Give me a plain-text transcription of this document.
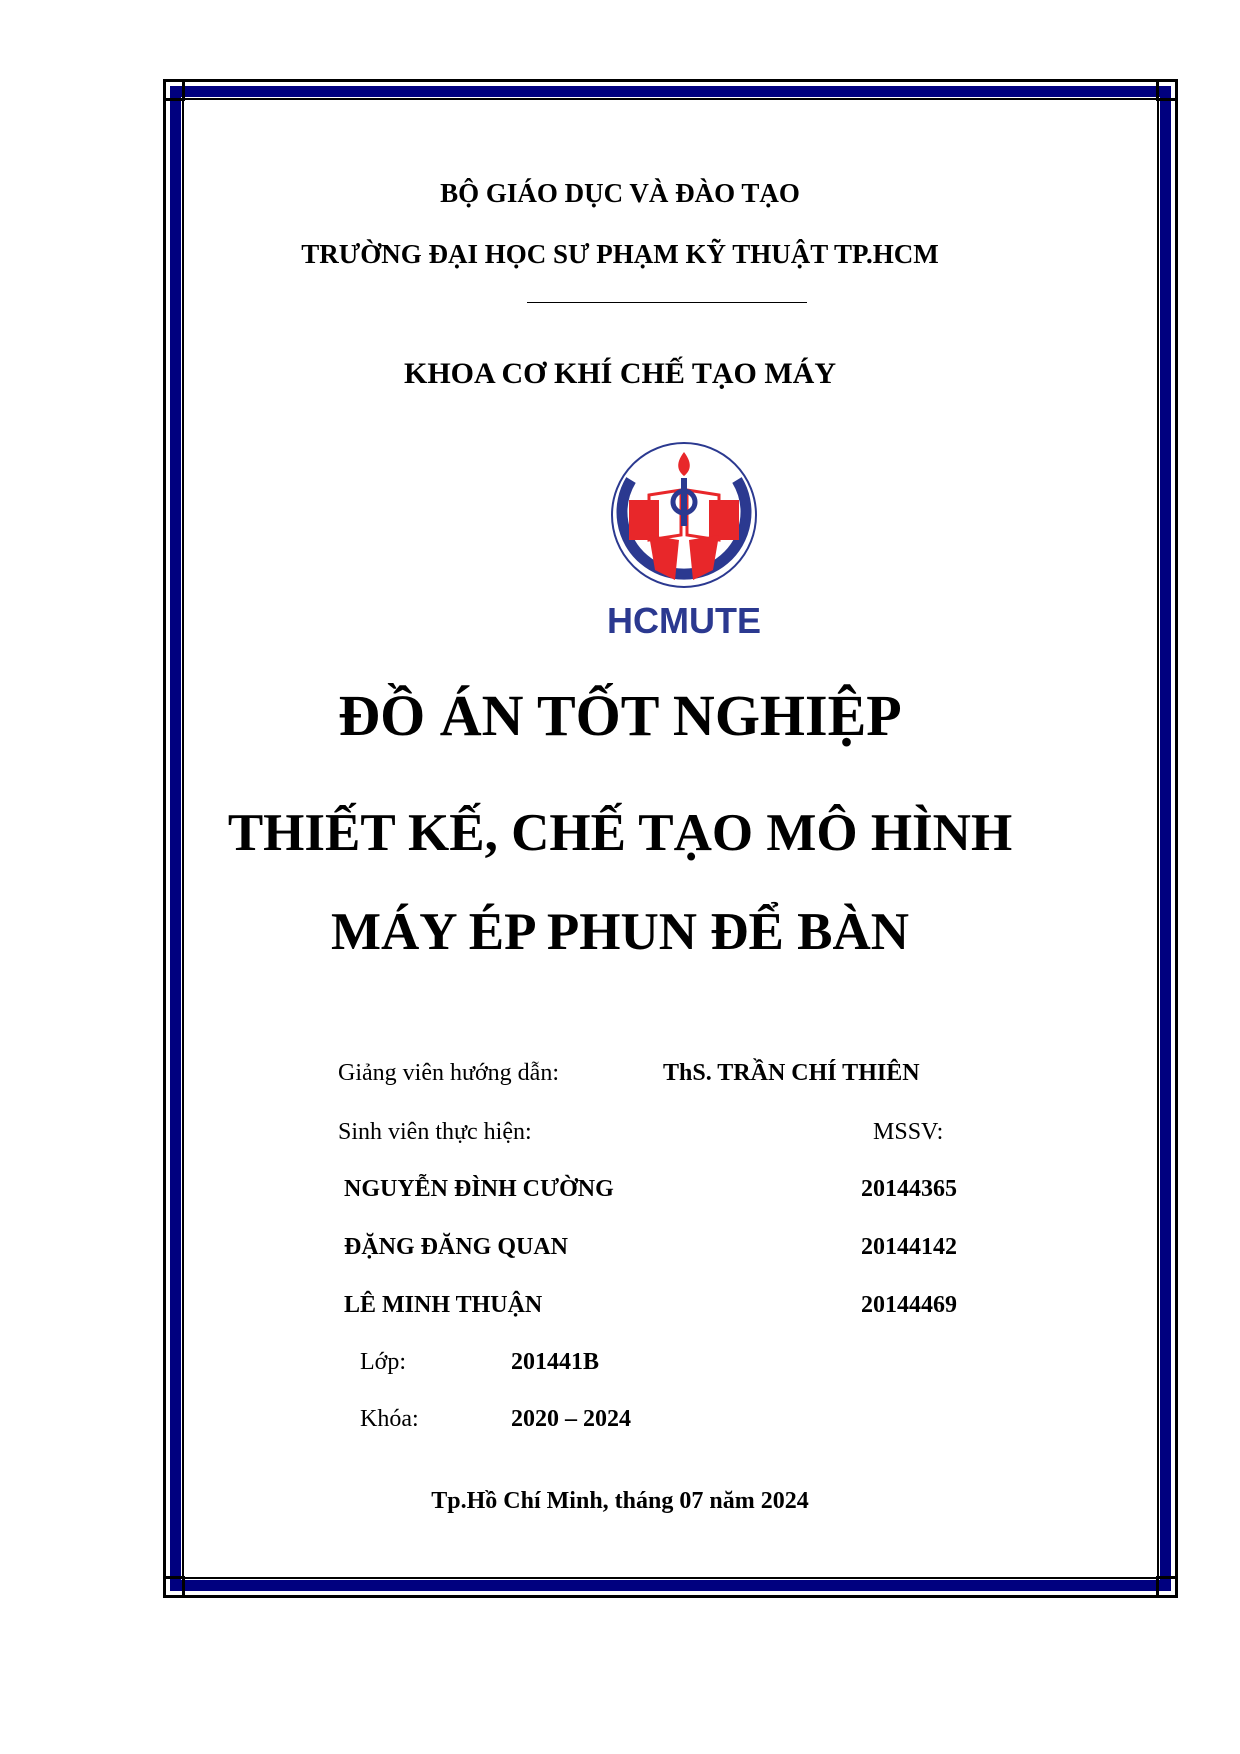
BỘ GIÁO DỤC VÀ ĐÀO TẠO
TRƯỜNG ĐẠI HỌC SƯ PHẠM KỸ THUẬT TP.HCM
KHOA CƠ KHÍ CHẾ TẠO MÁY
HCMUTE
ĐỒ ÁN TỐT NGHIỆP
THIẾT KẾ, CHẾ TẠO MÔ HÌNH
MÁY ÉP PHUN ĐỂ BÀN
Giảng viên hướng dẫn:	ThS. TRẦN CHÍ THIÊN
Sinh viên thực hiện:	MSSV:
NGUYỄN ĐÌNH CƯỜNG	20144365
ĐẶNG ĐĂNG QUAN	20144142
LÊ MINH THUẬN	20144469
Lớp:	201441B
Khóa:	2020 – 2024
Tp.Hồ Chí Minh, tháng 07 năm 2024
